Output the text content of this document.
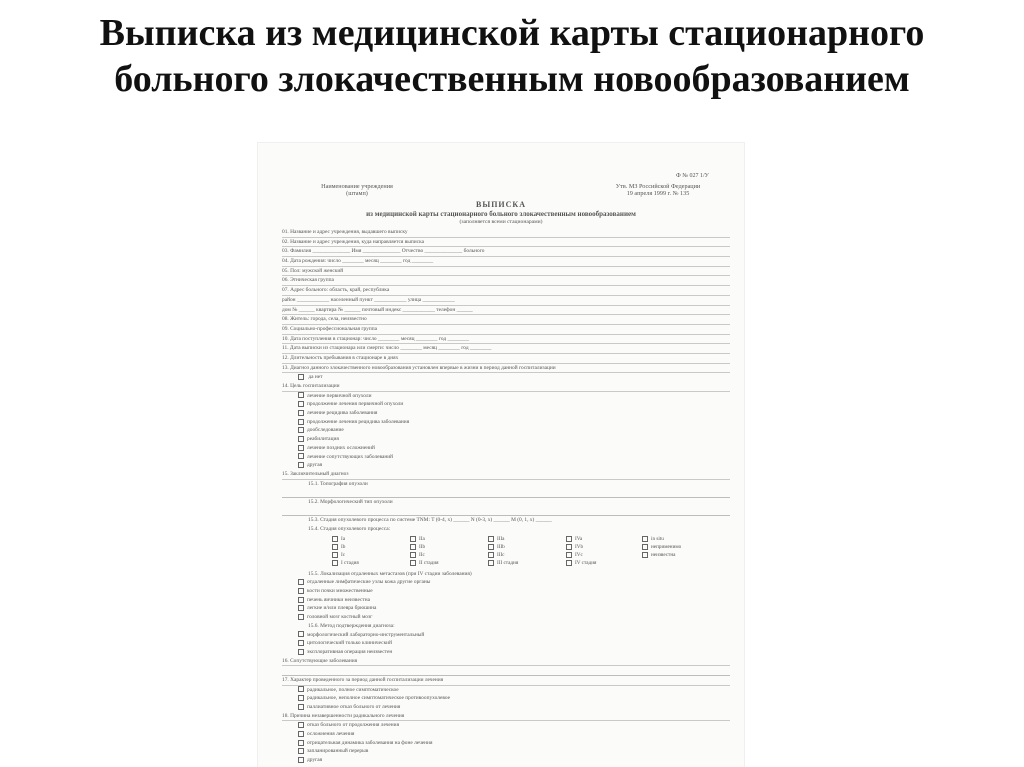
Выписка из медицинской карты стационарного
больного злокачественным новообразованием
Ф № 027 1/У
Наименование учреждения
(штамп)
Утв. МЗ Российской Федерации
19 апреля 1999 г. № 135
ВЫПИСКА
из медицинской карты стационарного больного злокачественным новообразованием
(заполняется всеми стационарами)
01. Название и адрес учреждения, выдавшего выписку
02. Название и адрес учреждения, куда направляется выписка
03. Фамилия ______________ Имя ______________ Отчество ______________ больного
04. Дата рождения: число ________ месяц ________ год ________
05. Пол: мужской женский
06. Этническая группа
07. Адрес больного: область, край, республика
район ____________ населенный пункт ____________ улица ____________
дом № ______ квартира № ______ почтовый индекс ____________ телефон ______
08. Житель: города, села, неизвестно
09. Социально-профессиональная группа
10. Дата поступления в стационар: число ________ месяц ________ год ________
11. Дата выписки из стационара или смерти: число ________ месяц ________ год ________
12. Длительность пребывания в стационаре в днях
13. Диагноз данного злокачественного новообразования установлен впервые в жизни в период данной госпитализации
да нет
14. Цель госпитализации
лечение первичной опухоли
продолжение лечения первичной опухоли
лечение рецидива заболевания
продолжение лечения рецидива заболевания
дообследование
реабилитация
лечение поздних осложнений
лечение сопутствующих заболеваний
другая
15. Заключительный диагноз
15.1. Топография опухоли
15.2. Морфологический тип опухоли
15.3. Стадия опухолевого процесса по системе TNM: T (0-4, х) ______ N (0-3, х) ______ M (0, 1, х) ______
15.4. Стадия опухолевого процесса:
Ia	IIa	IIIa	IVa	in situ
Ib	IIb	IIIb	IVb	неприменимо
Ic	IIc	IIIc	IVc	неизвестна
I стадия	II стадия	III стадия	IV стадия
15.5. Локализация отдаленных метастазов (при IV стадии заболевания)
отдаленные лимфатические узлы кожа другие органы
кости почки множественные
печень яичники неизвестна
легкие и/или плевра брюшина
головной мозг костный мозг
15.6. Метод подтверждения диагноза:
морфологический лабораторно-инструментальный
цитологический только клинический
эксплоративная операция неизвестен
16. Сопутствующие заболевания
17. Характер проведенного за период данной госпитализации лечения
радикальное, полное симптоматическое
радикальное, неполное симптоматическое противоопухолевое
паллиативное отказ больного от лечения
18. Причина незавершенности радикального лечения
отказ больного от продолжения лечения
осложнения лечения
отрицательная динамика заболевания на фоне лечения
запланированный перерыв
другая
